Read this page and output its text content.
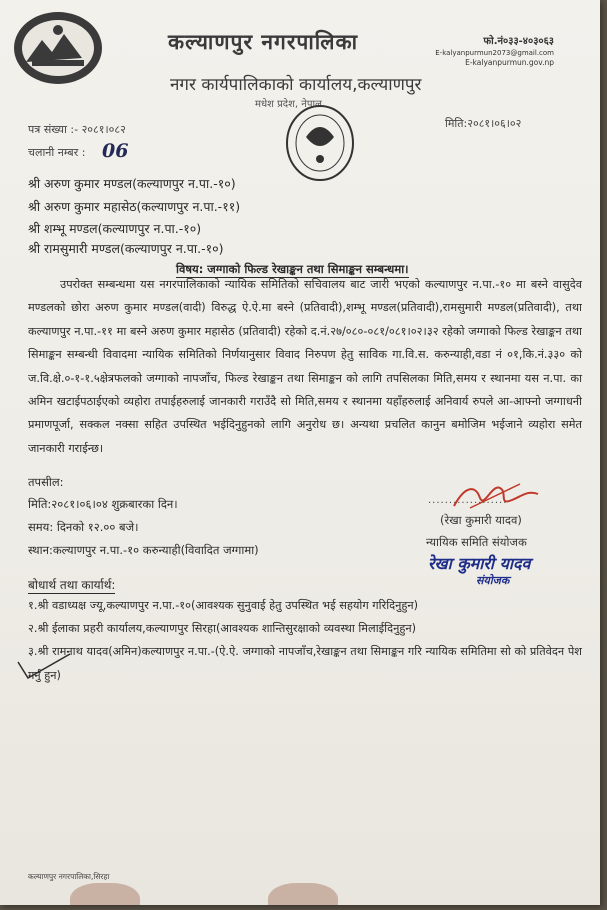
कल्याणपुर नगरपालिका
नगर कार्यपालिकाको कार्यालय,कल्याणपुर
मधेश प्रदेश, नेपाल
फो.नं०३३-४०३०६३
E-kalyanpurmun2073@gmail.com
E-kalyanpurmun.gov.np
पत्र संख्या :- २०८१।०८२
चलानी नम्बर : 06
मिति:२०८१।०६।०२
श्री अरुण कुमार मण्डल(कल्याणपुर न.पा.-१०)
श्री अरुण कुमार महासेठ(कल्याणपुर न.पा.-११)
श्री शम्भू मण्डल(कल्याणपुर न.पा.-१०)
श्री रामसुमारी मण्डल(कल्याणपुर न.पा.-१०)
विषय: जग्गाको फिल्ड रेखाङ्कन तथा सिमाङ्कन सम्बन्धमा।
उपरोक्त सम्बन्धमा यस नगरपालिकाको न्यायिक समितिको सचिवालय बाट जारी भएको कल्याणपुर न.पा.-१० मा बस्ने वासुदेव मण्डलको छोरा अरुण कुमार मण्डल(वादी) विरुद्ध ऐ.ऐ.मा बस्ने (प्रतिवादी),शम्भू मण्डल(प्रतिवादी),रामसुमारी मण्डल(प्रतिवादी), तथा कल्याणपुर न.पा.-११ मा बस्ने अरुण कुमार महासेठ (प्रतिवादी) रहेको द.नं.२७/०८०-०८१/०८१।०२।३२ रहेको जग्गाको फिल्ड रेखाङ्कन तथा सिमाङ्कन सम्बन्धी विवादमा न्यायिक समितिको निर्णयानुसार विवाद निरुपण हेतु साविक गा.वि.स. करुन्याही,वडा नं ०१,कि.नं.३३० को ज.वि.क्षे.०-१-१.५क्षेत्रफलको जग्गाको नापजाँच, फिल्ड रेखाङ्कन तथा सिमाङ्कन को लागि तपसिलका मिति,समय र स्थानमा यस न.पा. का अमिन खटाईपठाईएको व्यहोरा तपाईहरुलाई जानकारी गराउँदै सो मिति,समय र स्थानमा यहाँहरुलाई अनिवार्य रुपले आ-आफ्नो जग्गाधनी प्रमाणपूर्जा, सक्कल नक्सा सहित उपस्थित भईदिनुहुनको लागि अनुरोध छ। अन्यथा प्रचलित कानुन बमोजिम भईजाने व्यहोरा समेत जानकारी गराईन्छ।
तपसील:
मिति:२०८१।०६।०४ शुक्रबारका दिन।
समय: दिनको १२.०० बजे।
स्थान:कल्याणपुर न.पा.-१० करुन्याही(विवादित जग्गामा)
...................
(रेखा कुमारी यादव)
न्यायिक समिति संयोजक
रेखा कुमारी यादव
संयोजक
बोधार्थ तथा कार्यार्थ:
१.श्री वडाध्यक्ष ज्यू,कल्याणपुर न.पा.-१०(आवश्यक सुनुवाई हेतु उपस्थित भई सहयोग गरिदिनुहुन)
२.श्री ईलाका प्रहरी कार्यालय,कल्याणपुर सिरहा(आवश्यक शान्तिसुरक्षाको व्यवस्था मिलाईदिनुहुन)
३.श्री रामनाथ यादव(अमिन)कल्याणपुर न.पा.-(ऐ.ऐ. जग्गाको नापजाँच,रेखाङ्कन तथा सिमाङ्कन गरि न्यायिक समितिमा सो को प्रतिवेदन पेश गर्नु हुन)
कल्याणपुर नगरपालिका,सिरहा
